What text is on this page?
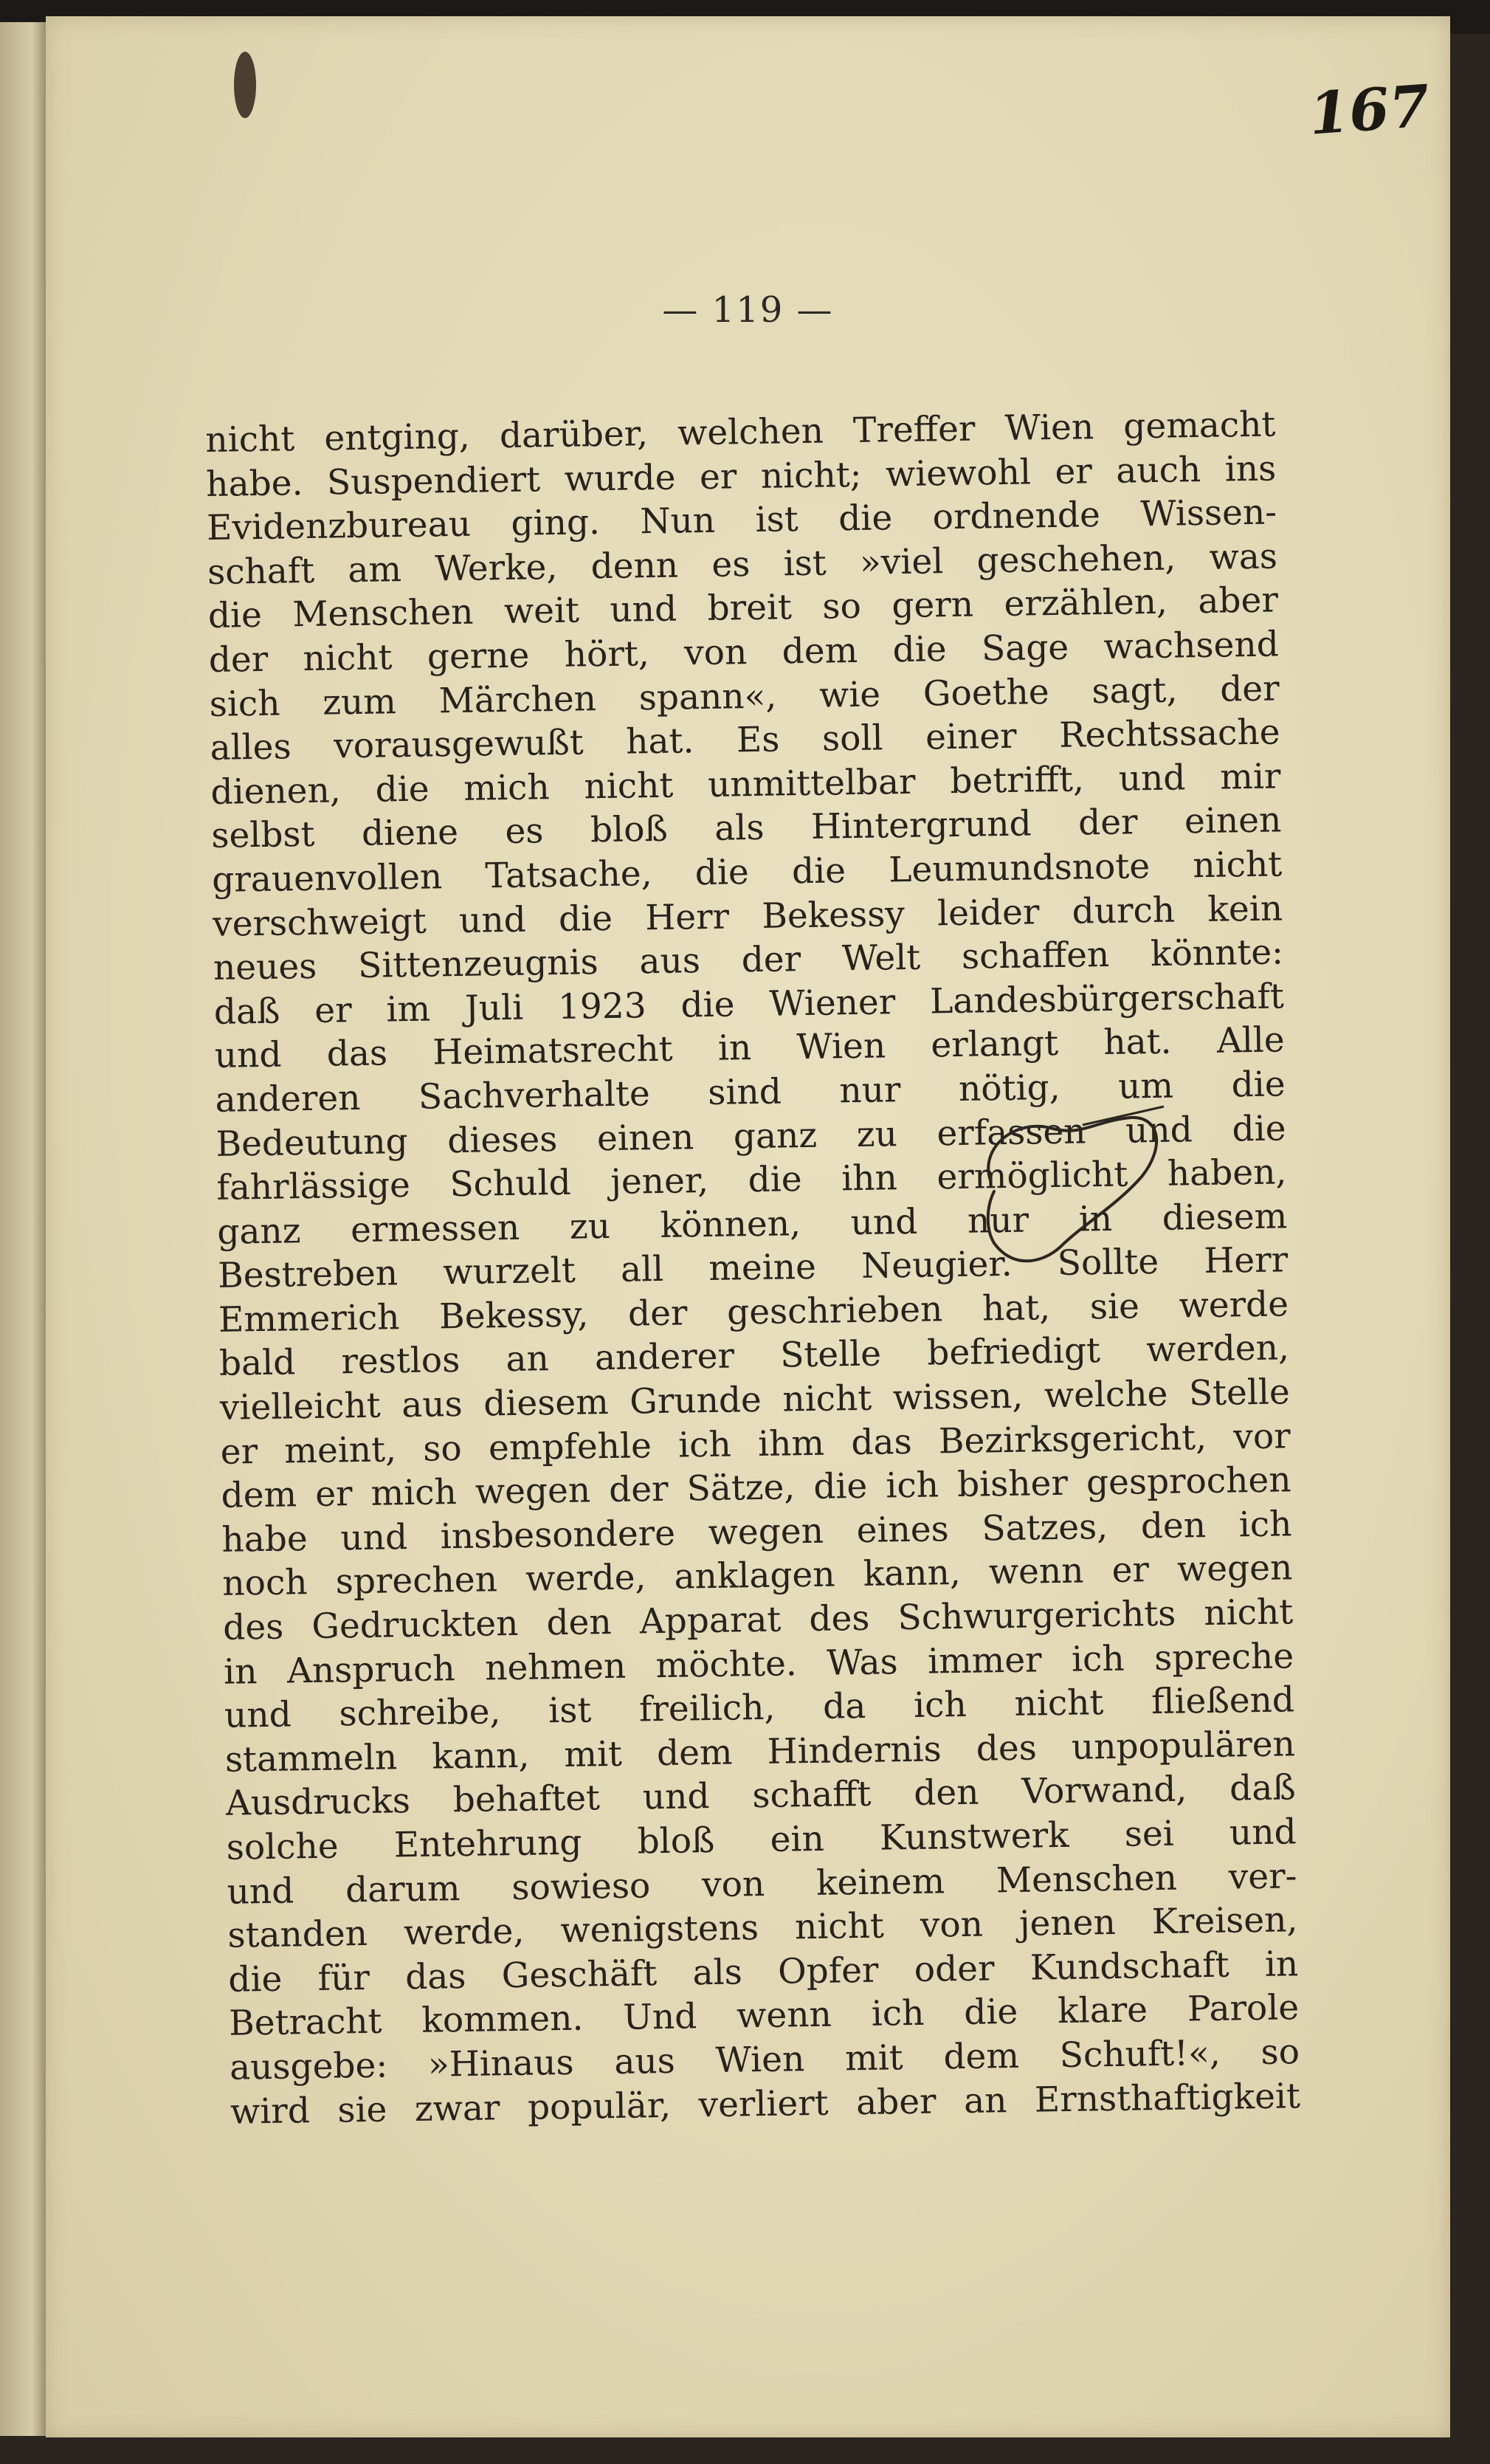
167
— 119 —
nicht entging, darüber, welchen Treffer Wien gemacht
habe. Suspendiert wurde er nicht; wiewohl er auch ins
Evidenzbureau ging. Nun ist die ordnende Wissen-
schaft am Werke, denn es ist »viel geschehen, was
die Menschen weit und breit so gern erzählen, aber
der nicht gerne hört, von dem die Sage wachsend
sich zum Märchen spann«, wie Goethe sagt, der
alles vorausgewußt hat. Es soll einer Rechtssache
dienen, die mich nicht unmittelbar betrifft, und mir
selbst diene es bloß als Hintergrund der einen
grauenvollen Tatsache, die die Leumundsnote nicht
verschweigt und die Herr Bekessy leider durch kein
neues Sittenzeugnis aus der Welt schaffen könnte:
daß er im Juli 1923 die Wiener Landesbürgerschaft
und das Heimatsrecht in Wien erlangt hat. Alle
anderen Sachverhalte sind nur nötig, um die
Bedeutung dieses einen ganz zu erfassen und die
fahrlässige Schuld jener, die ihn ermöglicht haben,
ganz ermessen zu können, und nur in diesem
Bestreben wurzelt all meine Neugier. Sollte Herr
Emmerich Bekessy, der geschrieben hat, sie werde
bald restlos an anderer Stelle befriedigt werden,
vielleicht aus diesem Grunde nicht wissen, welche Stelle
er meint, so empfehle ich ihm das Bezirksgericht, vor
dem er mich wegen der Sätze, die ich bisher gesprochen
habe und insbesondere wegen eines Satzes, den ich
noch sprechen werde, anklagen kann, wenn er wegen
des Gedruckten den Apparat des Schwurgerichts nicht
in Anspruch nehmen möchte. Was immer ich spreche
und schreibe, ist freilich, da ich nicht fließend
stammeln kann, mit dem Hindernis des unpopulären
Ausdrucks behaftet und schafft den Vorwand, daß
solche Entehrung bloß ein Kunstwerk sei und
und darum sowieso von keinem Menschen ver-
standen werde, wenigstens nicht von jenen Kreisen,
die für das Geschäft als Opfer oder Kundschaft in
Betracht kommen. Und wenn ich die klare Parole
ausgebe: »Hinaus aus Wien mit dem Schuft!«, so
wird sie zwar populär, verliert aber an Ernsthaftigkeit
